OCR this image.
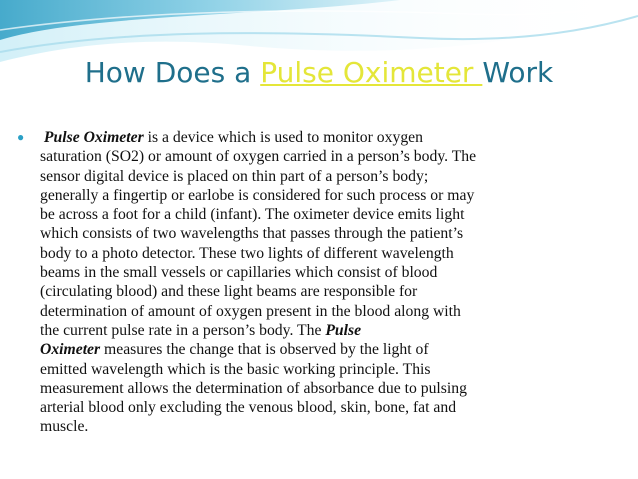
How Does a Pulse Oximeter Work
● Pulse Oximeter is a device which is used to monitor oxygen
saturation (SO2) or amount of oxygen carried in a person’s body. The
sensor digital device is placed on thin part of a person’s body;
generally a fingertip or earlobe is considered for such process or may
be across a foot for a child (infant). The oximeter device emits light
which consists of two wavelengths that passes through the patient’s
body to a photo detector. These two lights of different wavelength
beams in the small vessels or capillaries which consist of blood
(circulating blood) and these light beams are responsible for
determination of amount of oxygen present in the blood along with
the current pulse rate in a person’s body. The Pulse
Oximeter measures the change that is observed by the light of
emitted wavelength which is the basic working principle. This
measurement allows the determination of absorbance due to pulsing
arterial blood only excluding the venous blood, skin, bone, fat and
muscle.
